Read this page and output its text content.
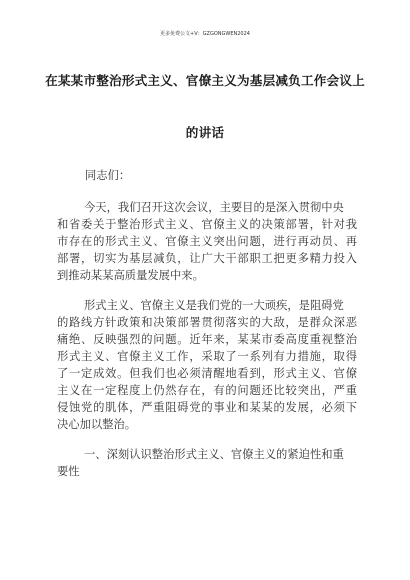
更多免费公文+V：GZGONGWEN2024
在某某市整治形式主义、官僚主义为基层减负工作会议上
的讲话
同志们：
今天，我们召开这次会议，主要目的是深入贯彻中央
和省委关于整治形式主义、官僚主义的决策部署，针对我
市存在的形式主义、官僚主义突出问题，进行再动员、再
部署，切实为基层减负，让广大干部职工把更多精力投入
到推动某某高质量发展中来。
形式主义、官僚主义是我们党的一大顽疾，是阻碍党
的路线方针政策和决策部署贯彻落实的大敌，是群众深恶
痛绝、反映强烈的问题。近年来，某某市委高度重视整治
形式主义、官僚主义工作，采取了一系列有力措施，取得
了一定成效。但我们也必须清醒地看到，形式主义、官僚
主义在一定程度上仍然存在，有的问题还比较突出，严重
侵蚀党的肌体，严重阻碍党的事业和某某的发展，必须下
决心加以整治。
一、深刻认识整治形式主义、官僚主义的紧迫性和重
要性
